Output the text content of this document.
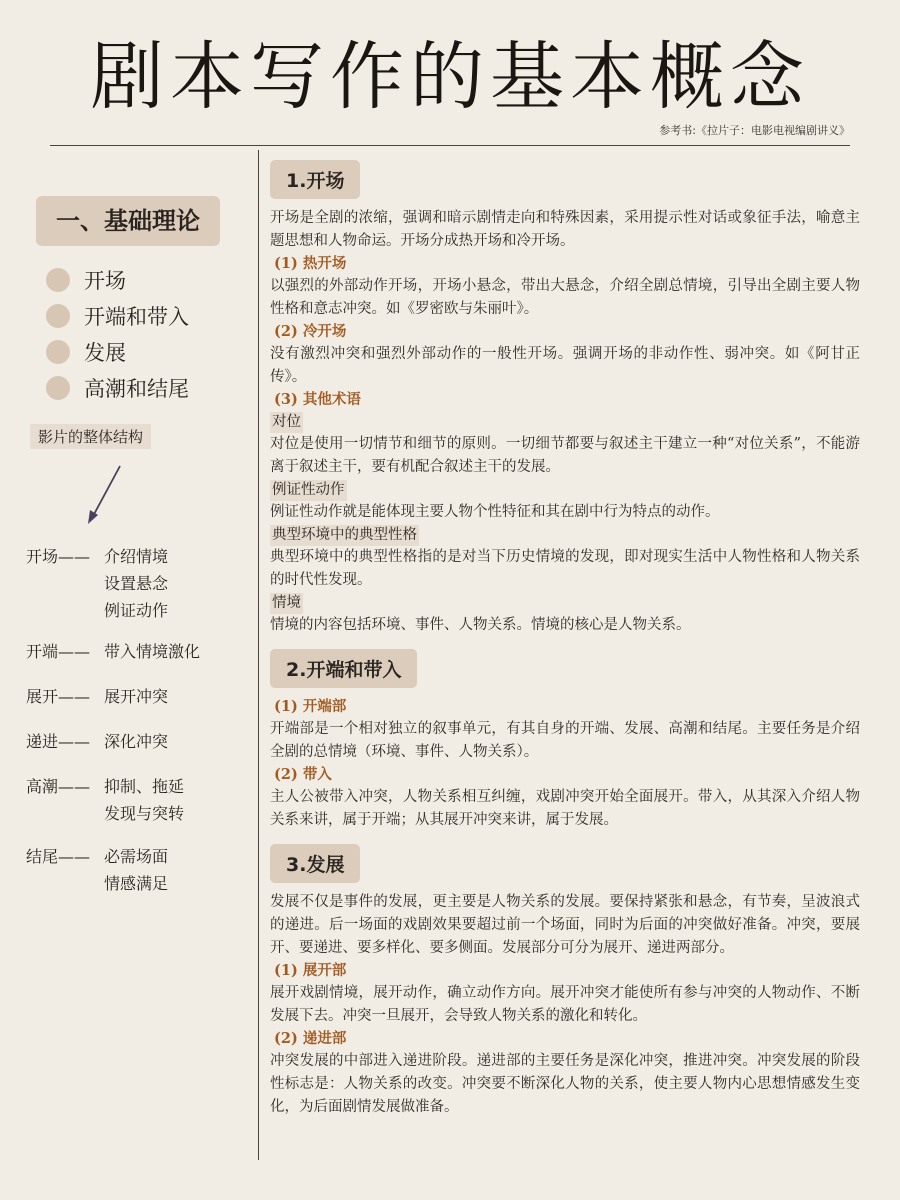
剧本写作的基本概念
参考书:《拉片子：电影电视编剧讲义》
一、基础理论
开场
开端和带入
发展
高潮和结尾
影片的整体结构
开场—— 介绍情境
设置悬念
例证动作
开端—— 带入情境激化
展开—— 展开冲突
递进—— 深化冲突
高潮—— 抑制、拖延
发现与突转
结尾—— 必需场面
情感满足
1.开场
开场是全剧的浓缩，强调和暗示剧情走向和特殊因素，采用提示性对话或象征手法，喻意主题思想和人物命运。开场分成热开场和冷开场。
(1) 热开场
以强烈的外部动作开场，开场小悬念，带出大悬念，介绍全剧总情境，引导出全剧主要人物性格和意志冲突。如《罗密欧与朱丽叶》。
(2) 冷开场
没有激烈冲突和强烈外部动作的一般性开场。强调开场的非动作性、弱冲突。如《阿甘正传》。
(3) 其他术语
对位
对位是使用一切情节和细节的原则。一切细节都要与叙述主干建立一种“对位关系”，不能游离于叙述主干，要有机配合叙述主干的发展。
例证性动作
例证性动作就是能体现主要人物个性特征和其在剧中行为特点的动作。
典型环境中的典型性格
典型环境中的典型性格指的是对当下历史情境的发现，即对现实生活中人物性格和人物关系的时代性发现。
情境
情境的内容包括环境、事件、人物关系。情境的核心是人物关系。
2.开端和带入
(1) 开端部
开端部是一个相对独立的叙事单元，有其自身的开端、发展、高潮和结尾。主要任务是介绍全剧的总情境（环境、事件、人物关系）。
(2) 带入
主人公被带入冲突，人物关系相互纠缠，戏剧冲突开始全面展开。带入，从其深入介绍人物关系来讲，属于开端；从其展开冲突来讲，属于发展。
3.发展
发展不仅是事件的发展，更主要是人物关系的发展。要保持紧张和悬念，有节奏，呈波浪式的递进。后一场面的戏剧效果要超过前一个场面，同时为后面的冲突做好准备。冲突，要展开、要递进、要多样化、要多侧面。发展部分可分为展开、递进两部分。
(1) 展开部
展开戏剧情境，展开动作，确立动作方向。展开冲突才能使所有参与冲突的人物动作、不断发展下去。冲突一旦展开，会导致人物关系的激化和转化。
(2) 递进部
冲突发展的中部进入递进阶段。递进部的主要任务是深化冲突，推进冲突。冲突发展的阶段性标志是：人物关系的改变。冲突要不断深化人物的关系，使主要人物内心思想情感发生变化，为后面剧情发展做准备。
